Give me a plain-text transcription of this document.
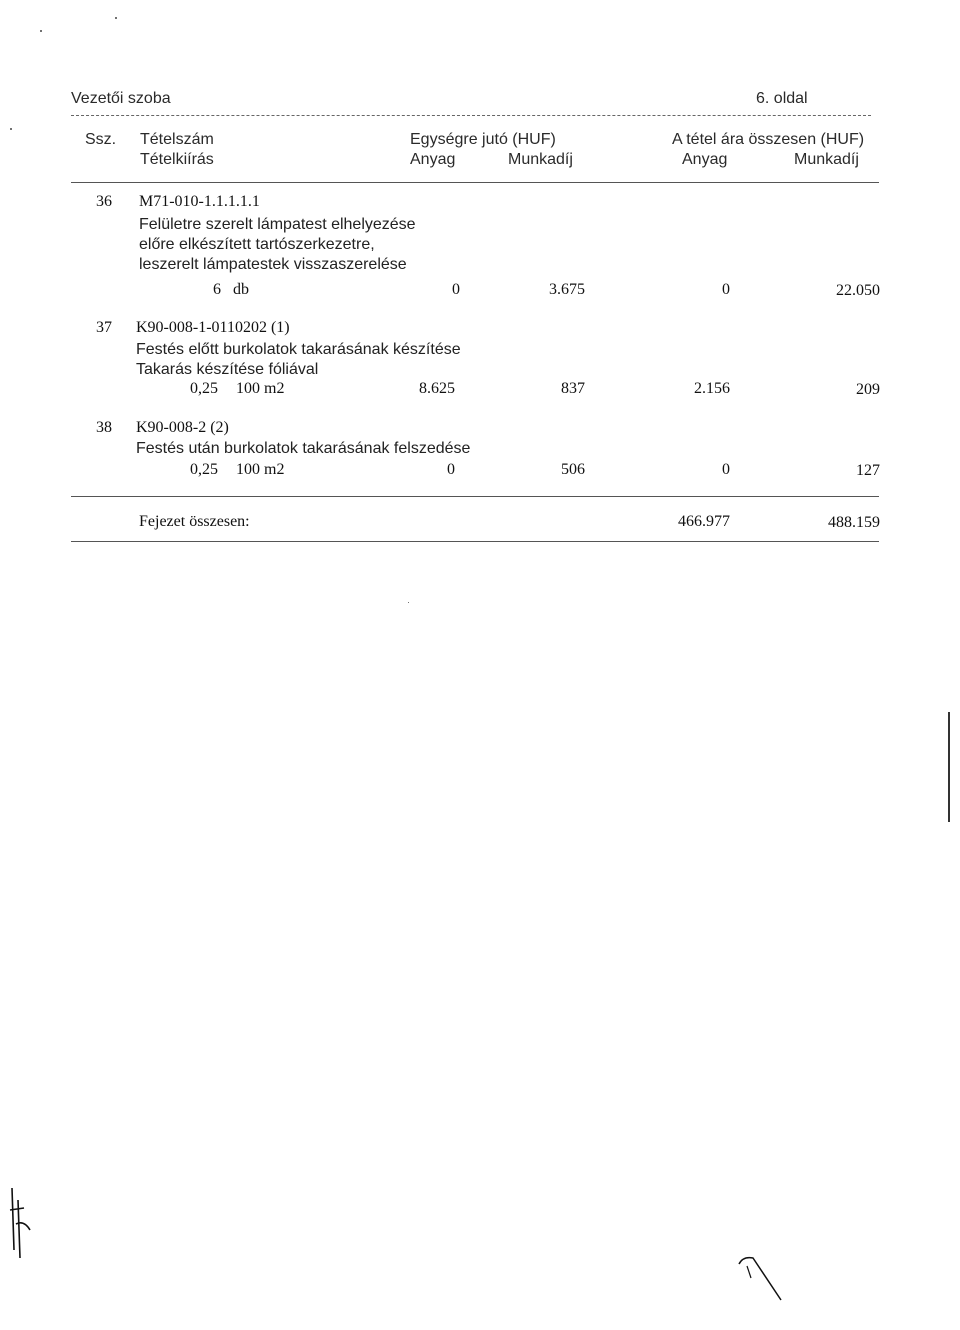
Vezetői szoba	6. oldal
Ssz. Tételszám
Tételkiírás
Egységre jutó (HUF)
Anyag	Munkadíj
A tétel ára összesen (HUF)
Anyag	Munkadíj
36 M71-010-1.1.1.1.1
Felületre szerelt lámpatest elhelyezése
előre elkészített tartószerkezetre,
leszerelt lámpatestek visszaszerelése
6 db	0	3.675	0	22.050
37 K90-008-1-0110202 (1)
Festés előtt burkolatok takarásának készítése
Takarás készítése fóliával
0,25 100 m2	8.625	837	2.156	209
38 K90-008-2 (2)
Festés után burkolatok takarásának felszedése
0,25 100 m2	0	506	0	127
Fejezet összesen:	466.977	488.159
